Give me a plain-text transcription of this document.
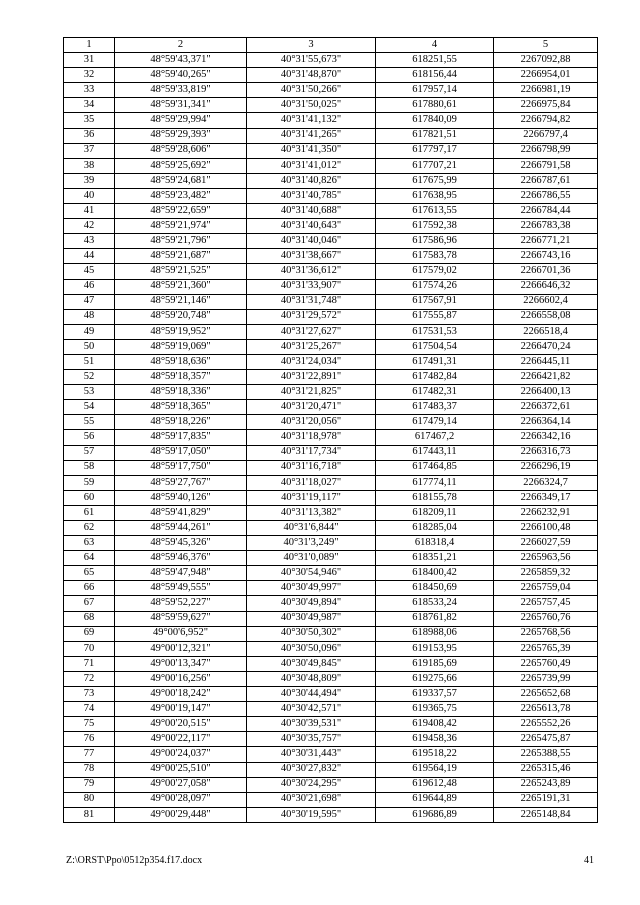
1	2	3	4	5
31	48°59'43,371"	40°31'55,673"	618251,55	2267092,88
32	48°59'40,265"	40°31'48,870"	618156,44	2266954,01
33	48°59'33,819"	40°31'50,266"	617957,14	2266981,19
34	48°59'31,341"	40°31'50,025"	617880,61	2266975,84
35	48°59'29,994"	40°31'41,132"	617840,09	2266794,82
36	48°59'29,393"	40°31'41,265"	617821,51	2266797,4
37	48°59'28,606"	40°31'41,350"	617797,17	2266798,99
38	48°59'25,692"	40°31'41,012"	617707,21	2266791,58
39	48°59'24,681"	40°31'40,826"	617675,99	2266787,61
40	48°59'23,482"	40°31'40,785"	617638,95	2266786,55
41	48°59'22,659"	40°31'40,688"	617613,55	2266784,44
42	48°59'21,974"	40°31'40,643"	617592,38	2266783,38
43	48°59'21,796"	40°31'40,046"	617586,96	2266771,21
44	48°59'21,687"	40°31'38,667"	617583,78	2266743,16
45	48°59'21,525"	40°31'36,612"	617579,02	2266701,36
46	48°59'21,360"	40°31'33,907"	617574,26	2266646,32
47	48°59'21,146"	40°31'31,748"	617567,91	2266602,4
48	48°59'20,748"	40°31'29,572"	617555,87	2266558,08
49	48°59'19,952"	40°31'27,627"	617531,53	2266518,4
50	48°59'19,069"	40°31'25,267"	617504,54	2266470,24
51	48°59'18,636"	40°31'24,034"	617491,31	2266445,11
52	48°59'18,357"	40°31'22,891"	617482,84	2266421,82
53	48°59'18,336"	40°31'21,825"	617482,31	2266400,13
54	48°59'18,365"	40°31'20,471"	617483,37	2266372,61
55	48°59'18,226"	40°31'20,056"	617479,14	2266364,14
56	48°59'17,835"	40°31'18,978"	617467,2	2266342,16
57	48°59'17,050"	40°31'17,734"	617443,11	2266316,73
58	48°59'17,750"	40°31'16,718"	617464,85	2266296,19
59	48°59'27,767"	40°31'18,027"	617774,11	2266324,7
60	48°59'40,126"	40°31'19,117"	618155,78	2266349,17
61	48°59'41,829"	40°31'13,382"	618209,11	2266232,91
62	48°59'44,261"	40°31'6,844"	618285,04	2266100,48
63	48°59'45,326"	40°31'3,249"	618318,4	2266027,59
64	48°59'46,376"	40°31'0,089"	618351,21	2265963,56
65	48°59'47,948"	40°30'54,946"	618400,42	2265859,32
66	48°59'49,555"	40°30'49,997"	618450,69	2265759,04
67	48°59'52,227"	40°30'49,894"	618533,24	2265757,45
68	48°59'59,627"	40°30'49,987"	618761,82	2265760,76
69	49°00'6,952"	40°30'50,302"	618988,06	2265768,56
70	49°00'12,321"	40°30'50,096"	619153,95	2265765,39
71	49°00'13,347"	40°30'49,845"	619185,69	2265760,49
72	49°00'16,256"	40°30'48,809"	619275,66	2265739,99
73	49°00'18,242"	40°30'44,494"	619337,57	2265652,68
74	49°00'19,147"	40°30'42,571"	619365,75	2265613,78
75	49°00'20,515"	40°30'39,531"	619408,42	2265552,26
76	49°00'22,117"	40°30'35,757"	619458,36	2265475,87
77	49°00'24,037"	40°30'31,443"	619518,22	2265388,55
78	49°00'25,510"	40°30'27,832"	619564,19	2265315,46
79	49°00'27,058"	40°30'24,295"	619612,48	2265243,89
80	49°00'28,097"	40°30'21,698"	619644,89	2265191,31
81	49°00'29,448"	40°30'19,595"	619686,89	2265148,84
Z:\ORST\Ppo\0512p354.f17.docx	41
